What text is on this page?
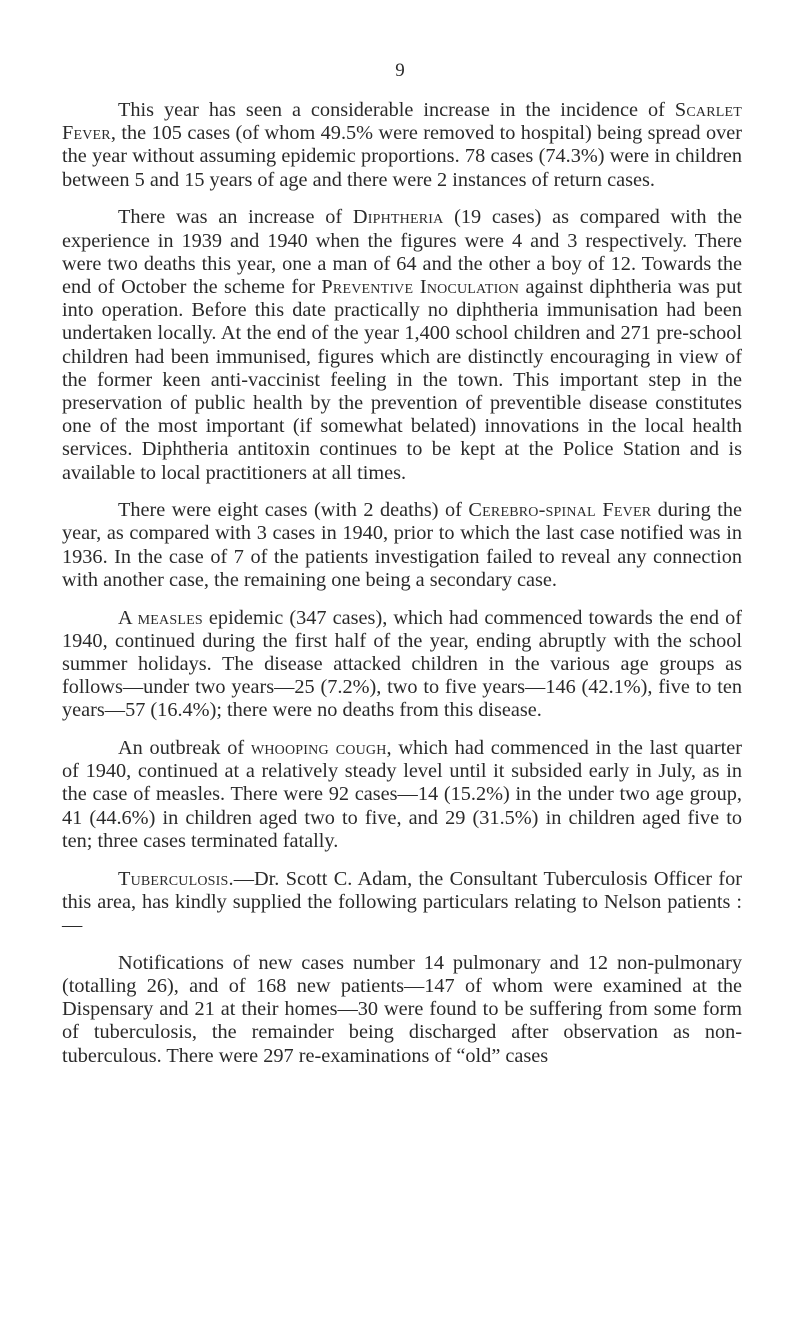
9

This year has seen a considerable increase in the incidence of Scarlet Fever, the 105 cases (of whom 49.5% were removed to hospital) being spread over the year without assuming epidemic proportions. 78 cases (74.3%) were in children between 5 and 15 years of age and there were 2 instances of return cases.

There was an increase of Diphtheria (19 cases) as compared with the experience in 1939 and 1940 when the figures were 4 and 3 respectively. There were two deaths this year, one a man of 64 and the other a boy of 12. Towards the end of October the scheme for Preventive Inoculation against diphtheria was put into operation. Before this date practically no diphtheria immunisation had been undertaken locally. At the end of the year 1,400 school children and 271 pre-school children had been immunised, figures which are distinctly encouraging in view of the former keen anti-vaccinist feeling in the town. This important step in the preservation of public health by the prevention of preventible disease constitutes one of the most important (if somewhat belated) innovations in the local health services. Diphtheria antitoxin continues to be kept at the Police Station and is available to local practitioners at all times.

There were eight cases (with 2 deaths) of Cerebro-spinal Fever during the year, as compared with 3 cases in 1940, prior to which the last case notified was in 1936. In the case of 7 of the patients investigation failed to reveal any connection with another case, the remaining one being a secondary case.

A measles epidemic (347 cases), which had commenced towards the end of 1940, continued during the first half of the year, ending abruptly with the school summer holidays. The disease attacked children in the various age groups as follows—under two years—25 (7.2%), two to five years—146 (42.1%), five to ten years—57 (16.4%); there were no deaths from this disease.

An outbreak of whooping cough, which had commenced in the last quarter of 1940, continued at a relatively steady level until it subsided early in July, as in the case of measles. There were 92 cases—14 (15.2%) in the under two age group, 41 (44.6%) in children aged two to five, and 29 (31.5%) in children aged five to ten; three cases terminated fatally.

Tuberculosis.—Dr. Scott C. Adam, the Consultant Tuberculosis Officer for this area, has kindly supplied the following particulars relating to Nelson patients :—

Notifications of new cases number 14 pulmonary and 12 non-pulmonary (totalling 26), and of 168 new patients—147 of whom were examined at the Dispensary and 21 at their homes—30 were found to be suffering from some form of tuberculosis, the remainder being discharged after observation as non-tuberculous. There were 297 re-examinations of “old” cases
